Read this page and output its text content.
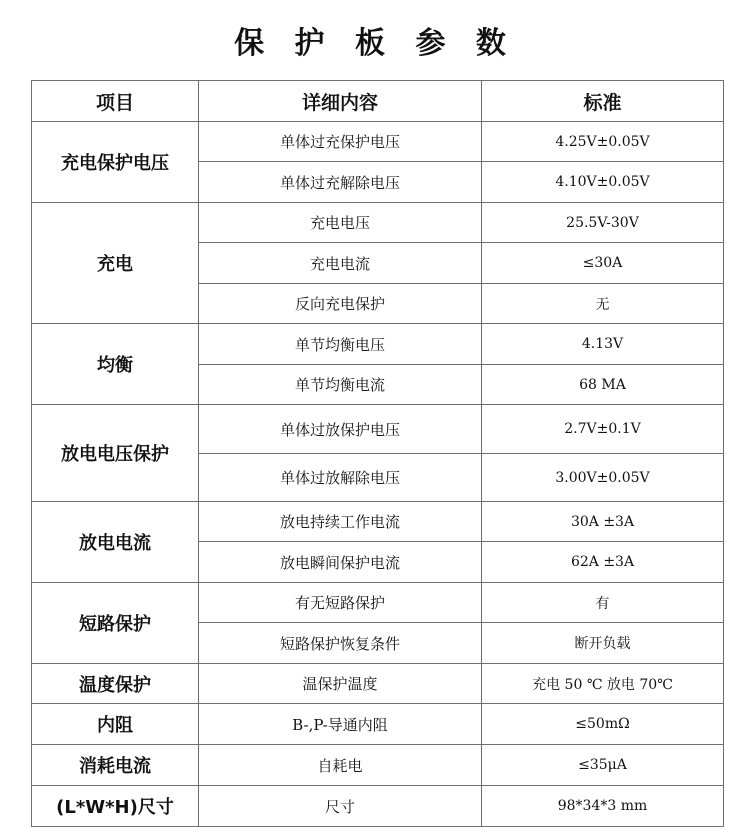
保 护 板 参 数
项目	详细内容	标准
充电保护电压	单体过充保护电压	4.25V±0.05V
	单体过充解除电压	4.10V±0.05V
充电	充电电压	25.5V-30V
	充电电流	≤30A
	反向充电保护	无
均衡	单节均衡电压	4.13V
	单节均衡电流	68 MA
放电电压保护	单体过放保护电压	2.7V±0.1V
	单体过放解除电压	3.00V±0.05V
放电电流	放电持续工作电流	30A ±3A
	放电瞬间保护电流	62A ±3A
短路保护	有无短路保护	有
	短路保护恢复条件	断开负载
温度保护	温保护温度	充电 50 ℃ 放电 70℃
内阻	B-,P-导通内阻	≤50mΩ
消耗电流	自耗电	≤35μA
(L*W*H)尺寸	尺寸	98*34*3 mm
